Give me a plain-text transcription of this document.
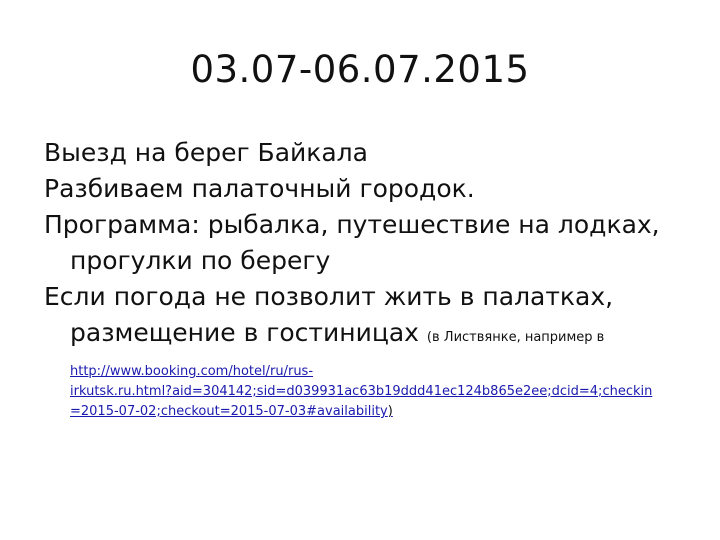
03.07-06.07.2015

Выезд на берег Байкала

Разбиваем палаточный городок.

Программа: рыбалка, путешествие на лодках, прогулки по берегу

Если погода не позволит жить в палатках, размещение в гостиницах (в Листвянке, например в

http://www.booking.com/hotel/ru/rus-
irkutsk.ru.html?aid=304142;sid=d039931ac63b19ddd41ec124b865e2ee;dcid=4;checkin
=2015-07-02;checkout=2015-07-03#availability)
